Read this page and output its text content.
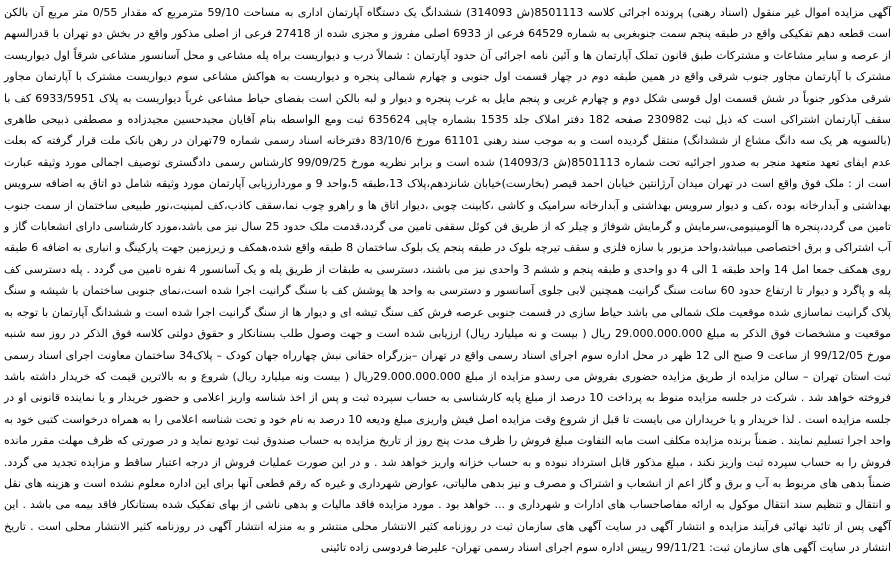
آگهی مزایده اموال غیر منقول (اسناد رهنی) پرونده اجرائی کلاسه 8501113(ش 314093) ششدانگ یک دستگاه آپارتمان اداری به مساحت 59/10 مترمربع که مقدار 0/55 متر مربع آن بالکن است قطعه دهم تفکیکی واقع در طبقه پنجم سمت جنوبغربی به شماره 64529 فرعی از 6933 اصلی مفروز و مجزی شده از 27418 فرعی از اصلی مذکور واقع در بخش دو تهران با قدرالسهم از عرصه و سایر مشاعات و مشترکات طبق قانون تملک آپارتمان ها و آئین نامه اجرائی آن حدود آپارتمان : شمالاً درب و دیواریست براه پله مشاعی و محل آسانسور مشاعی شرقاً اول دیواریست مشترک با آپارتمان مجاور جنوب شرقی واقع در همین طبقه دوم در چهار قسمت اول جنوبی و چهارم شمالی پنجره و دیواریست به هواکش مشاعی سوم دیواریست مشترک با آپارتمان مجاور شرقی مذکور جنوباً در شش قسمت اول قوسی شکل دوم و چهارم غربی و پنجم مایل به غرب پنجره و دیوار و لبه بالکن است بفضای حیاط مشاعی غرباً دیواریست به پلاک 6933/5951 کف با سقف آپارتمان اشتراکی است که ذیل ثبت 230982 صفحه 182 دفتر املاک جلد 1535 بشماره چاپی 635624 ثبت ومع الواسطه بنام آقایان مجیدحسین مجیدزاده و مصطفی ذبیحی طاهری (بالسویه هر یک سه دانگ مشاع از ششدانگ) منتقل گردیده است و به موجب سند رهنی 61101 مورخ 83/10/6 دفترخانه اسناد رسمی شماره 79تهران در رهن بانک ملت قرار گرفته که بعلت عدم ایفای تعهد متعهد منجر به صدور اجرائیه تحت شماره 8501113(ش 14093/3) شده است و برابر نظریه مورخ 99/09/25 کارشناس رسمی دادگستری توصیف اجمالی مورد وثیقه عبارت است از : ملک فوق واقع است در تهران میدان آرژانتین خیابان احمد قیصر (بخارست)خیابان شانزدهم،پلاک 13،طبقه 5،واحد 9 و موردارزیابی آپارتمان مورد وثیقه شامل دو اتاق به اضافه سرویس بهداشتی و آبدارخانه بوده ،کف و دیوار سرویس بهداشتی و آبدارخانه سرامیک و کاشی ،کابینت چوبی ،دیوار اتاق ها و راهرو چوب نما،سقف کاذب،کف لمینیت،نور طبیعی ساختمان از سمت جنوب تامین می گردد،پنجره ها آلومینیومی،سرمایش و گرمایش شوفاژ و چیلر که از طریق فن کوئل سقفی تامین می گردد،قدمت ملک حدود 25 سال نیز می باشد،مورد کارشناسی دارای انشعابات گاز و آب اشتراکی و برق اختصاصی میباشد،واحد مزبور با سازه فلزی و سقف تیرچه بلوک در طبقه پنجم یک بلوک ساختمان 8 طبقه واقع شده،همکف و زیرزمین جهت پارکینگ و انباری به اضافه 6 طبقه روی همکف جمعا امل 14 واحد طبقه 1 الی 4 دو واحدی و طبقه پنجم و ششم 3 واحدی نیز می باشند، دسترسی به طبقات از طریق پله و یک آسانسور 4 نفره تامین می گردد . پله دسترسی کف پله و پاگرد و دیوار تا ارتفاع حدود 60 سانت سنگ گرانیت همچنین لابی جلوی آسانسور و دسترسی به واحد ها پوشش کف با سنگ گرانیت اجرا شده است،نمای جنوبی ساختمان با شیشه و سنگ پلاک گرانیت نماسازی شده موقعیت ملک شمالی می باشد حیاط سازی در قسمت جنوبی عرصه فرش کف سنگ تیشه ای و دیوار ها از سنگ گرانیت اجرا شده است و ششدانگ آپارتمان با توجه به موقعیت و مشخصات فوق الذکر به مبلغ 29.000.000.000 ریال ( بیست و نه میلیارد ریال) ارزیابی شده است و جهت وصول طلب بستانکار و حقوق دولتی کلاسه فوق الذکر در روز سه شنبه مورخ 99/12/05 از ساعت 9 صبح الی 12 ظهر در محل اداره سوم اجرای اسناد رسمی واقع در تهران –بزرگراه حقانی نبش چهارراه جهان کودک – پلاک34 ساختمان معاونت اجرای اسناد رسمی ثبت استان تهران – سالن مزایده از طریق مزایده حضوری بفروش می رسدو مزایده از مبلغ 29.000.000.000ریال ( بیست ونه میلیارد ریال) شروع و به بالاترین قیمت که خریدار داشته باشد فروخته خواهد شد . شرکت در جلسه مزایده منوط به پرداخت 10 درصد از مبلغ پایه کارشناسی به حساب سپرده ثبت و پس از اخذ شناسه واریز اعلامی و حضور خریدار و یا نماینده قانونی او در جلسه مزایده است . لذا خریدار و یا خریداران می بایست تا قبل از شروع وقت مزایده اصل فیش واریزی مبلغ ودیعه 10 درصد به نام خود و تحت شناسه اعلامی را به همراه درخواست کتبی خود به واحد اجرا تسلیم نمایند . ضمناً برنده مزایده مکلف است مابه التفاوت مبلغ فروش را ظرف مدت پنج روز از تاریخ مزایده به حساب صندوق ثبت تودیع نماید و در صورتی که ظرف مهلت مقرر مانده فروش را به حساب سپرده ثبت واریز نکند ، مبلغ مذکور قابل استرداد نبوده و به حساب خزانه واریز خواهد شد . و در این صورت عملیات فروش از درجه اعتبار ساقط و مزایده تجدید می گردد. ضمناً بدهی های مربوط به آب و برق و گاز اعم از انشعاب و اشتراک و مصرف و نیز بدهی مالیاتی، عوارض شهرداری و غیره که رقم قطعی آنها برای این اداره معلوم نشده است و هزینه های نقل و انتقال و تنظیم سند انتقال موکول به ارائه مفاصاحساب های ادارات و شهرداری و ... خواهد بود . مورد مزایده فاقد مالیات و بدهی ناشی از بهای تفکیک شده بستانکار فاقد بیمه می باشد . این آگهی پس از تائید نهائی فرآیند مزایده و انتشار آگهی در سایت آگهی های سازمان ثبت در روزنامه کثیر الانتشار محلی منتشر و به منزله انتشار آگهی در روزنامه کثیر الانتشار محلی است . تاریخ انتشار در سایت آگهی های سازمان ثبت: 99/11/21 رییس اداره سوم اجرای اسناد رسمی تهران- علیرضا فردوسی زاده تائینی
